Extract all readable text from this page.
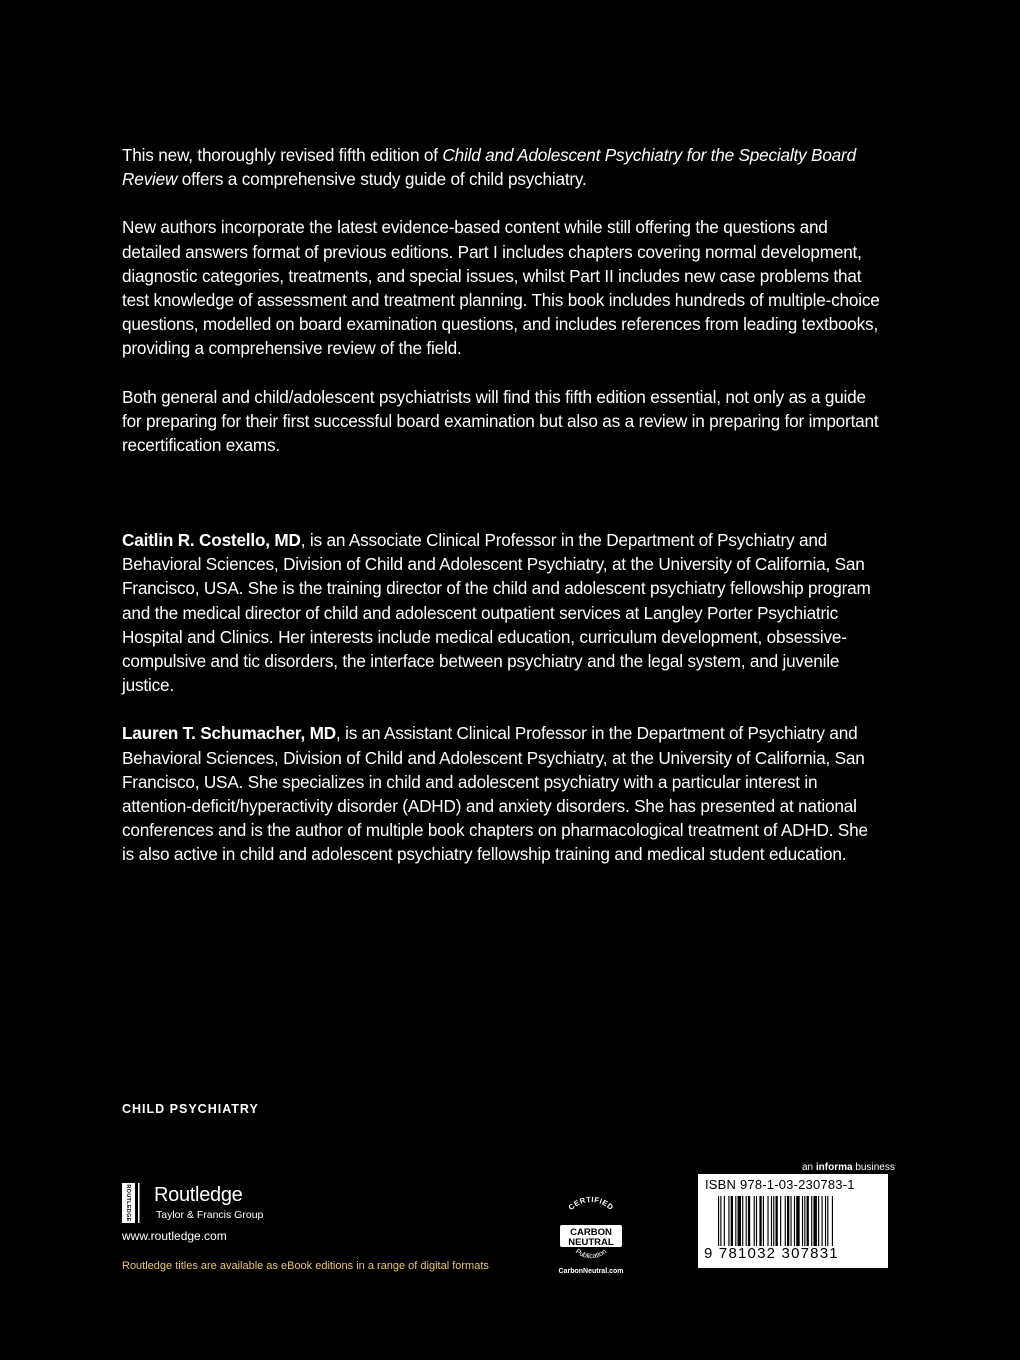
This new, thoroughly revised fifth edition of Child and Adolescent Psychiatry for the Specialty Board Review offers a comprehensive study guide of child psychiatry.

New authors incorporate the latest evidence-based content while still offering the questions and detailed answers format of previous editions. Part I includes chapters covering normal development, diagnostic categories, treatments, and special issues, whilst Part II includes new case problems that test knowledge of assessment and treatment planning. This book includes hundreds of multiple-choice questions, modelled on board examination questions, and includes references from leading textbooks, providing a comprehensive review of the field.

Both general and child/adolescent psychiatrists will find this fifth edition essential, not only as a guide for preparing for their first successful board examination but also as a review in preparing for important recertification exams.

Caitlin R. Costello, MD, is an Associate Clinical Professor in the Department of Psychiatry and Behavioral Sciences, Division of Child and Adolescent Psychiatry, at the University of California, San Francisco, USA. She is the training director of the child and adolescent psychiatry fellowship program and the medical director of child and adolescent outpatient services at Langley Porter Psychiatric Hospital and Clinics. Her interests include medical education, curriculum development, obsessive-compulsive and tic disorders, the interface between psychiatry and the legal system, and juvenile justice.

Lauren T. Schumacher, MD, is an Assistant Clinical Professor in the Department of Psychiatry and Behavioral Sciences, Division of Child and Adolescent Psychiatry, at the University of California, San Francisco, USA. She specializes in child and adolescent psychiatry with a particular interest in attention-deficit/hyperactivity disorder (ADHD) and anxiety disorders. She has presented at national conferences and is the author of multiple book chapters on pharmacological treatment of ADHD. She is also active in child and adolescent psychiatry fellowship training and medical student education.

CHILD PSYCHIATRY
ROUTLEDGE Routledge
Taylor & Francis Group
www.routledge.com
Routledge titles are available as eBook editions in a range of digital formats
CERTIFIED
CARBON
NEUTRAL
Publication
CarbonNeutral.com
an informa business
ISBN 978-1-03-230783-1
9 781032 307831
